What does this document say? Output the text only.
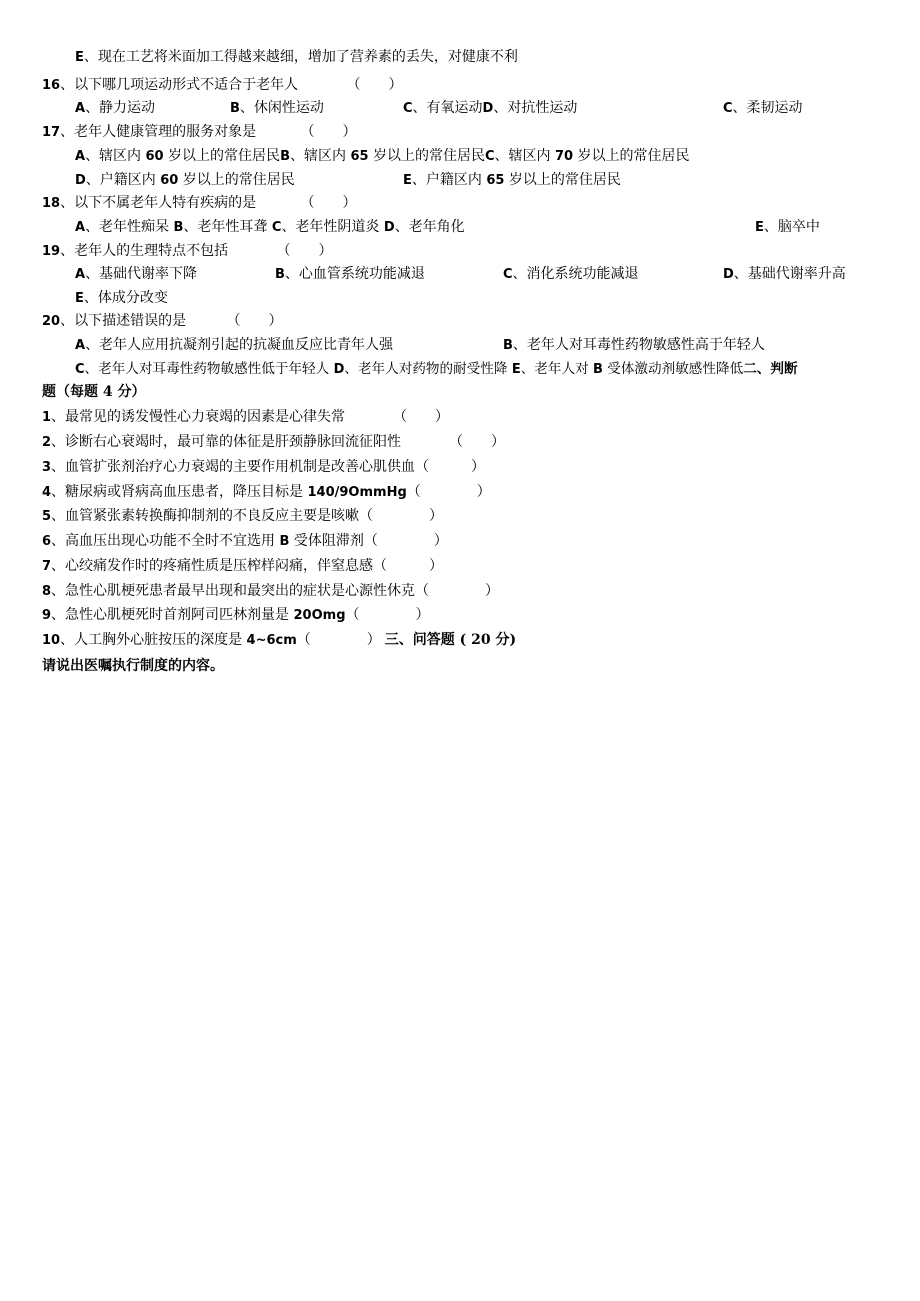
E、现在工艺将米面加工得越来越细，增加了营养素的丢失，对健康不利
16、以下哪几项运动形式不适合于老年人	（　　）
A、静力运动	B、休闲性运动	C、有氧运动D、对抗性运动	C、柔韧运动
17、老年人健康管理的服务对象是	（　　）
A、辖区内 60 岁以上的常住居民B、辖区内 65 岁以上的常住居民C、辖区内 70 岁以上的常住居民
D、户籍区内 60 岁以上的常住居民	E、户籍区内 65 岁以上的常住居民
18、以下不属老年人特有疾病的是	（　　）
A、老年性痴呆 B、老年性耳聋 C、老年性阴道炎 D、老年角化	E、脑卒中
19、老年人的生理特点不包括	（　　）
A、基础代谢率下降	B、心血管系统功能减退	C、消化系统功能减退	D、基础代谢率升高
E、体成分改变
20、以下描述错误的是	（　　）
A、老年人应用抗凝剂引起的抗凝血反应比青年人强	B、老年人对耳毒性药物敏感性高于年轻人
C、老年人对耳毒性药物敏感性低于年轻人 D、老年人对药物的耐受性降 E、老年人对 B 受体激动剂敏感性降低二、判断
题（每题 4 分）
1、最常见的诱发慢性心力衰竭的因素是心律失常	（　　）
2、诊断右心衰竭时，最可靠的体征是肝颈静脉回流征阳性	（　　）
3、血管扩张剂治疗心力衰竭的主要作用机制是改善心肌供血（　　　）
4、糖尿病或肾病高血压患者，降压目标是 140/9OmmHg（　　　　）
5、血管紧张素转换酶抑制剂的不良反应主要是咳嗽（　　　　）
6、高血压出现心功能不全时不宜选用 B 受体阻滞剂（　　　　）
7、心绞痛发作时的疼痛性质是压榨样闷痛，伴窒息感（　　　）
8、急性心肌梗死患者最早出现和最突出的症状是心源性休克（　　　　）
9、急性心肌梗死时首剂阿司匹林剂量是 20Omg（　　　　）
10、人工胸外心脏按压的深度是 4~6cm（　　　　） 三、问答题 ( 20 分)
请说出医嘱执行制度的内容。
